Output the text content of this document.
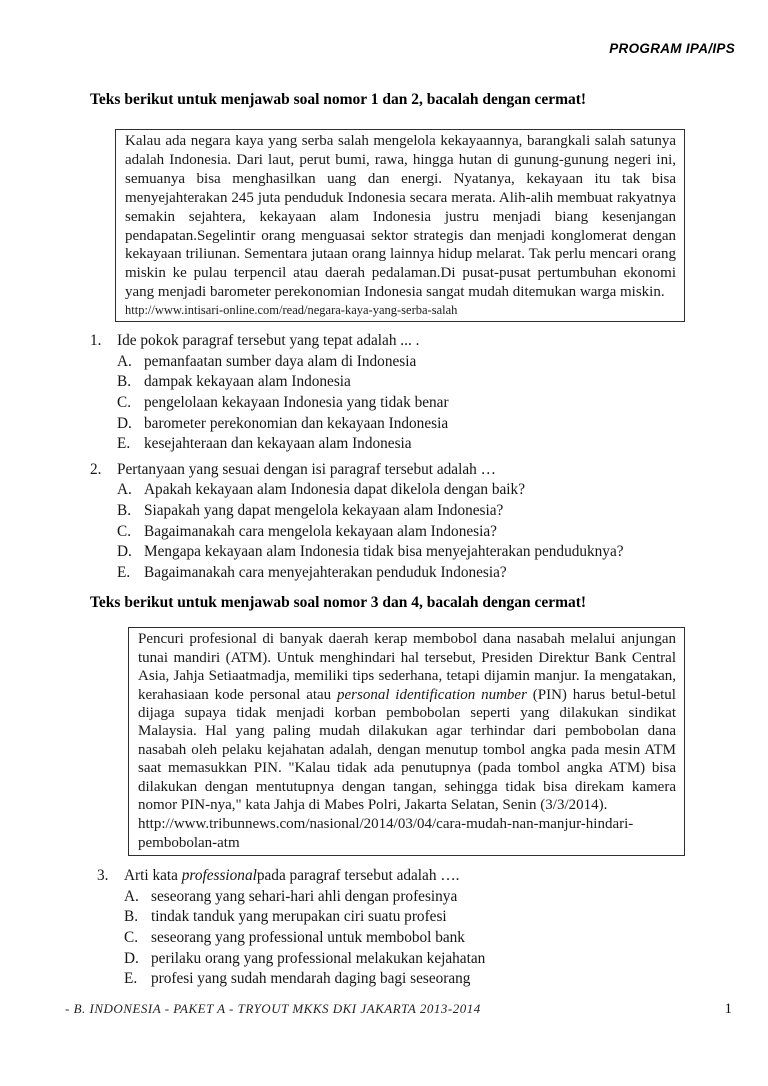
PROGRAM IPA/IPS
Teks berikut untuk menjawab soal nomor 1 dan 2, bacalah dengan cermat!
Kalau ada negara kaya yang serba salah mengelola kekayaannya, barangkali salah satunya adalah Indonesia. Dari laut, perut bumi, rawa, hingga hutan di gunung-gunung negeri ini, semuanya bisa menghasilkan uang dan energi. Nyatanya, kekayaan itu tak bisa menyejahterakan 245 juta penduduk Indonesia secara merata. Alih-alih membuat rakyatnya semakin sejahtera, kekayaan alam Indonesia justru menjadi biang kesenjangan pendapatan.Segelintir orang menguasai sektor strategis dan menjadi konglomerat dengan kekayaan triliunan. Sementara jutaan orang lainnya hidup melarat. Tak perlu mencari orang miskin ke pulau terpencil atau daerah pedalaman.Di pusat-pusat pertumbuhan ekonomi yang menjadi barometer perekonomian Indonesia sangat mudah ditemukan warga miskin.
http://www.intisari-online.com/read/negara-kaya-yang-serba-salah
1.	Ide pokok paragraf tersebut yang tepat adalah ... .
A. pemanfaatan sumber daya alam di Indonesia
B. dampak kekayaan alam Indonesia
C. pengelolaan kekayaan Indonesia yang tidak benar
D. barometer perekonomian dan kekayaan Indonesia
E. kesejahteraan dan kekayaan alam Indonesia
2.	Pertanyaan yang sesuai dengan isi paragraf tersebut adalah …
A. Apakah kekayaan alam Indonesia dapat dikelola dengan baik?
B. Siapakah yang dapat mengelola kekayaan alam Indonesia?
C. Bagaimanakah cara mengelola kekayaan alam Indonesia?
D. Mengapa kekayaan alam Indonesia tidak bisa menyejahterakan penduduknya?
E. Bagaimanakah cara menyejahterakan penduduk Indonesia?
Teks berikut untuk menjawab soal nomor 3 dan 4, bacalah dengan cermat!
Pencuri profesional di banyak daerah kerap membobol dana nasabah melalui anjungan tunai mandiri (ATM). Untuk menghindari hal tersebut, Presiden Direktur Bank Central Asia, Jahja Setiaatmadja, memiliki tips sederhana, tetapi dijamin manjur. Ia mengatakan, kerahasiaan kode personal atau personal identification number (PIN) harus betul-betul dijaga supaya tidak menjadi korban pembobolan seperti yang dilakukan sindikat Malaysia. Hal yang paling mudah dilakukan agar terhindar dari pembobolan dana nasabah oleh pelaku kejahatan adalah, dengan menutup tombol angka pada mesin ATM saat memasukkan PIN. "Kalau tidak ada penutupnya (pada tombol angka ATM) bisa dilakukan dengan mentutupnya dengan tangan, sehingga tidak bisa direkam kamera nomor PIN-nya," kata Jahja di Mabes Polri, Jakarta Selatan, Senin (3/3/2014).
http://www.tribunnews.com/nasional/2014/03/04/cara-mudah-nan-manjur-hindari-pembobolan-atm
3.	Arti kata professionalpada paragraf tersebut adalah ….
A. seseorang yang sehari-hari ahli dengan profesinya
B. tindak tanduk yang merupakan ciri suatu profesi
C. seseorang yang professional untuk membobol bank
D. perilaku orang yang professional melakukan kejahatan
E. profesi yang sudah mendarah daging bagi seseorang
- B. INDONESIA - PAKET A - TRYOUT MKKS DKI JAKARTA 2013-2014	1
